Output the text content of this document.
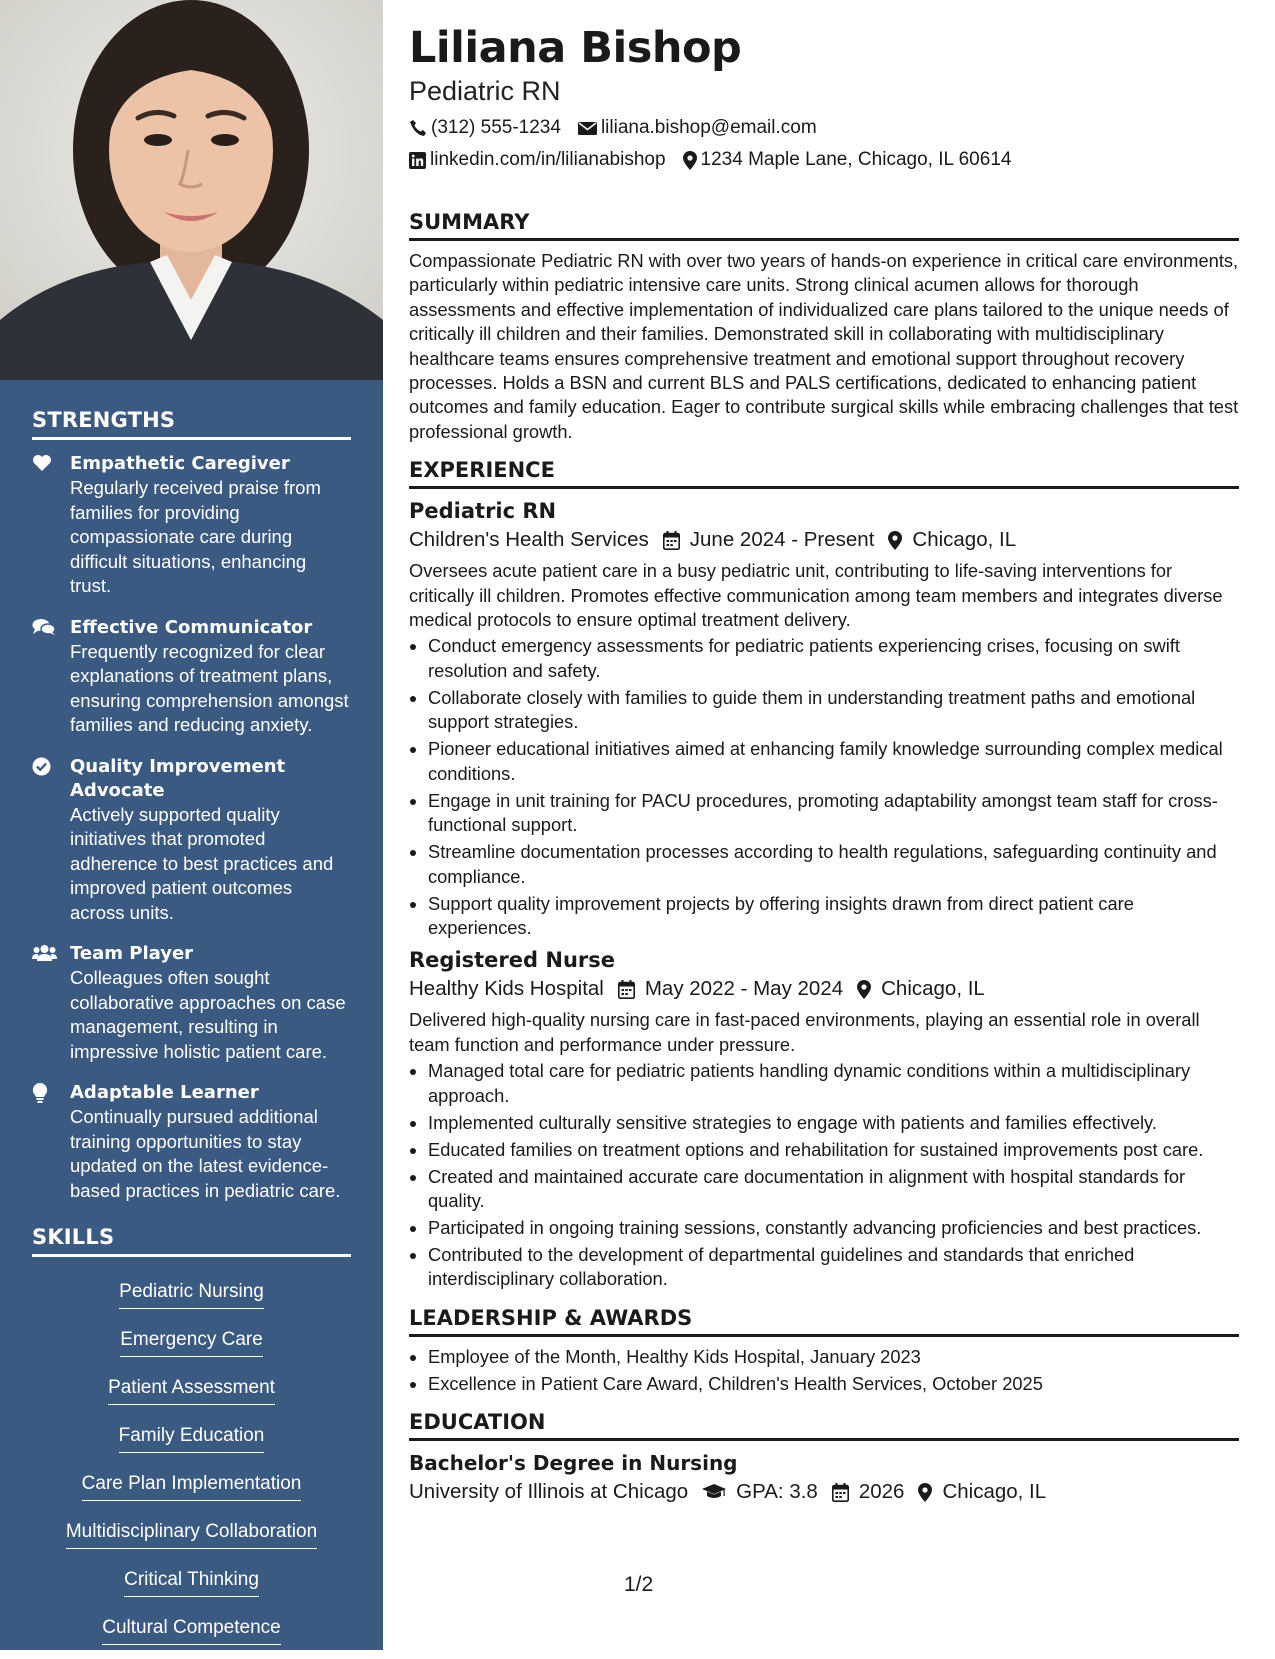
STRENGTHS
Empathetic Caregiver
Regularly received praise from families for providing compassionate care during difficult situations, enhancing trust.
Effective Communicator
Frequently recognized for clear explanations of treatment plans, ensuring comprehension amongst families and reducing anxiety.
Quality Improvement Advocate
Actively supported quality initiatives that promoted adherence to best practices and improved patient outcomes across units.
Team Player
Colleagues often sought collaborative approaches on case management, resulting in impressive holistic patient care.
Adaptable Learner
Continually pursued additional training opportunities to stay updated on the latest evidence-based practices in pediatric care.
SKILLS
Pediatric Nursing
Emergency Care
Patient Assessment
Family Education
Care Plan Implementation
Multidisciplinary Collaboration
Critical Thinking
Cultural Competence
Liliana Bishop
Pediatric RN
(312) 555-1234 liliana.bishop@email.com
linkedin.com/in/lilianabishop 1234 Maple Lane, Chicago, IL 60614
SUMMARY

Compassionate Pediatric RN with over two years of hands-on experience in critical care environments, particularly within pediatric intensive care units. Strong clinical acumen allows for thorough assessments and effective implementation of individualized care plans tailored to the unique needs of critically ill children and their families. Demonstrated skill in collaborating with multidisciplinary healthcare teams ensures comprehensive treatment and emotional support throughout recovery processes. Holds a BSN and current BLS and PALS certifications, dedicated to enhancing patient outcomes and family education. Eager to contribute surgical skills while embracing challenges that test professional growth.

EXPERIENCE
Pediatric RN
Children's Health Services June 2024 - Present Chicago, IL

Oversees acute patient care in a busy pediatric unit, contributing to life-saving interventions for critically ill children. Promotes effective communication among team members and integrates diverse medical protocols to ensure optimal treatment delivery.

• Conduct emergency assessments for pediatric patients experiencing crises, focusing on swift resolution and safety.
• Collaborate closely with families to guide them in understanding treatment paths and emotional support strategies.
• Pioneer educational initiatives aimed at enhancing family knowledge surrounding complex medical conditions.
• Engage in unit training for PACU procedures, promoting adaptability amongst team staff for cross-functional support.
• Streamline documentation processes according to health regulations, safeguarding continuity and compliance.
• Support quality improvement projects by offering insights drawn from direct patient care experiences.
Registered Nurse
Healthy Kids Hospital May 2022 - May 2024 Chicago, IL

Delivered high-quality nursing care in fast-paced environments, playing an essential role in overall team function and performance under pressure.

• Managed total care for pediatric patients handling dynamic conditions within a multidisciplinary approach.
• Implemented culturally sensitive strategies to engage with patients and families effectively.
• Educated families on treatment options and rehabilitation for sustained improvements post care.
• Created and maintained accurate care documentation in alignment with hospital standards for quality.
• Participated in ongoing training sessions, constantly advancing proficiencies and best practices.
• Contributed to the development of departmental guidelines and standards that enriched interdisciplinary collaboration.
LEADERSHIP & AWARDS
• Employee of the Month, Healthy Kids Hospital, January 2023
• Excellence in Patient Care Award, Children's Health Services, October 2025
EDUCATION
Bachelor's Degree in Nursing
University of Illinois at Chicago GPA: 3.8 2026 Chicago, IL
1/2
